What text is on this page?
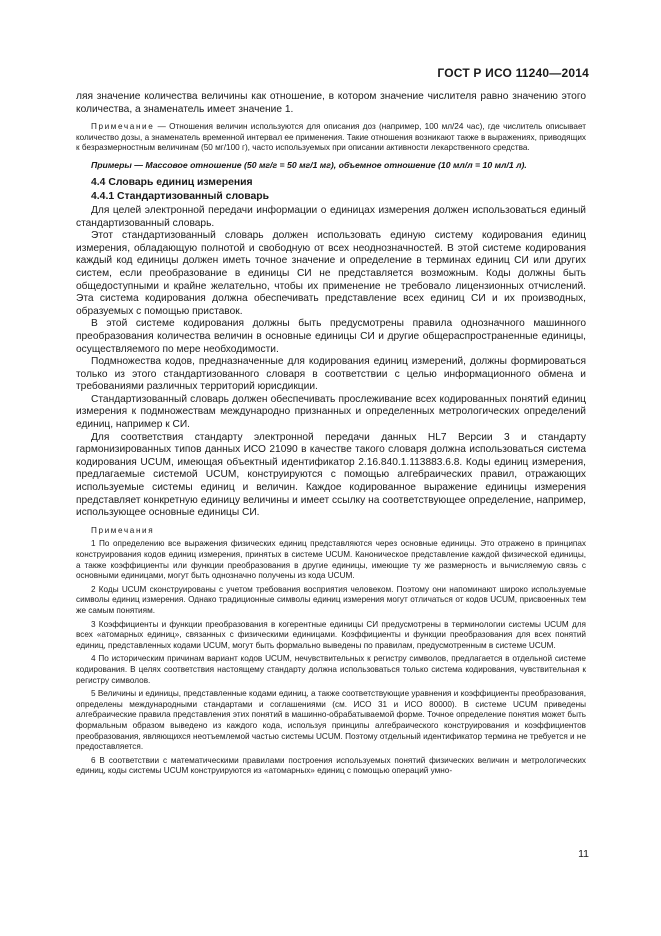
ГОСТ Р ИСО 11240—2014

ляя значение количества величины как отношение, в котором значение числителя равно значению этого количества, а знаменатель имеет значение 1.

Примечание — Отношения величин используются для описания доз (например, 100 мл/24 час), где числитель описывает количество дозы, а знаменатель временной интервал ее применения. Такие отношения возникают также в выражениях, приводящих к безразмерностным величинам (50 мг/100 г), часто используемых при описании активности лекарственного средства.

Примеры — Массовое отношение (50 мг/г = 50 мг/1 мг), объемное отношение (10 мл/л = 10 мл/1 л).

4.4 Словарь единиц измерения

4.4.1 Стандартизованный словарь

Для целей электронной передачи информации о единицах измерения должен использоваться единый стандартизованный словарь.

Этот стандартизованный словарь должен использовать единую систему кодирования единиц измерения, обладающую полнотой и свободную от всех неоднозначностей. В этой системе кодирования каждый код единицы должен иметь точное значение и определение в терминах единиц СИ или других систем, если преобразование в единицы СИ не представляется возможным. Коды должны быть общедоступными и крайне желательно, чтобы их применение не требовало лицензионных отчислений. Эта система кодирования должна обеспечивать представление всех единиц СИ и их производных, образуемых с помощью приставок.

В этой системе кодирования должны быть предусмотрены правила однозначного машинного преобразования количества величин в основные единицы СИ и другие общераспространенные единицы, осуществляемого по мере необходимости.

Подмножества кодов, предназначенные для кодирования единиц измерений, должны формироваться только из этого стандартизованного словаря в соответствии с целью информационного обмена и требованиями различных территорий юрисдикции.

Стандартизованный словарь должен обеспечивать прослеживание всех кодированных понятий единиц измерения к подмножествам международно признанных и определенных метрологических определений единиц, например к СИ.

Для соответствия стандарту электронной передачи данных HL7 Версии 3 и стандарту гармонизированных типов данных ИСО 21090 в качестве такого словаря должна использоваться система кодирования UCUM, имеющая объектный идентификатор 2.16.840.1.113883.6.8. Коды единиц измерения, предлагаемые системой UCUM, конструируются с помощью алгебраических правил, отражающих используемые системы единиц и величин. Каждое кодированное выражение единицы измерения представляет конкретную единицу величины и имеет ссылку на соответствующее определение, например, использующее основные единицы СИ.

Примечания

1 По определению все выражения физических единиц представляются через основные единицы. Это отражено в принципах конструирования кодов единиц измерения, принятых в системе UCUM. Каноническое представление каждой физической единицы, а также коэффициенты или функции преобразования в другие единицы, имеющие ту же размерность и вычисляемую связь с основными единицами, могут быть однозначно получены из кода UCUM.

2 Коды UCUM сконструированы с учетом требования восприятия человеком. Поэтому они напоминают широко используемые символы единиц измерения. Однако традиционные символы единиц измерения могут отличаться от кодов UCUM, присвоенных тем же самым понятиям.

3 Коэффициенты и функции преобразования в когерентные единицы СИ предусмотрены в терминологии системы UCUM для всех «атомарных единиц», связанных с физическими единицами. Коэффициенты и функции преобразования для всех понятий единиц, представленных кодами UCUM, могут быть формально выведены по правилам, предусмотренным в системе UCUM.

4 По историческим причинам вариант кодов UCUM, нечувствительных к регистру символов, предлагается в отдельной системе кодирования. В целях соответствия настоящему стандарту должна использоваться только система кодирования, чувствительная к регистру символов.

5 Величины и единицы, представленные кодами единиц, а также соответствующие уравнения и коэффициенты преобразования, определены международными стандартами и соглашениями (см. ИСО 31 и ИСО 80000). В системе UCUM приведены алгебраические правила представления этих понятий в машинно-обрабатываемой форме. Точное определение понятия может быть формальным образом выведено из каждого кода, используя принципы алгебраического конструирования и коэффициентов преобразования, являющихся неотъемлемой частью системы UCUM. Поэтому отдельный идентификатор термина не требуется и не предоставляется.

6 В соответствии с математическими правилами построения используемых понятий физических величин и метрологических единиц, коды системы UCUM конструируются из «атомарных» единиц с помощью операций умно-

11
